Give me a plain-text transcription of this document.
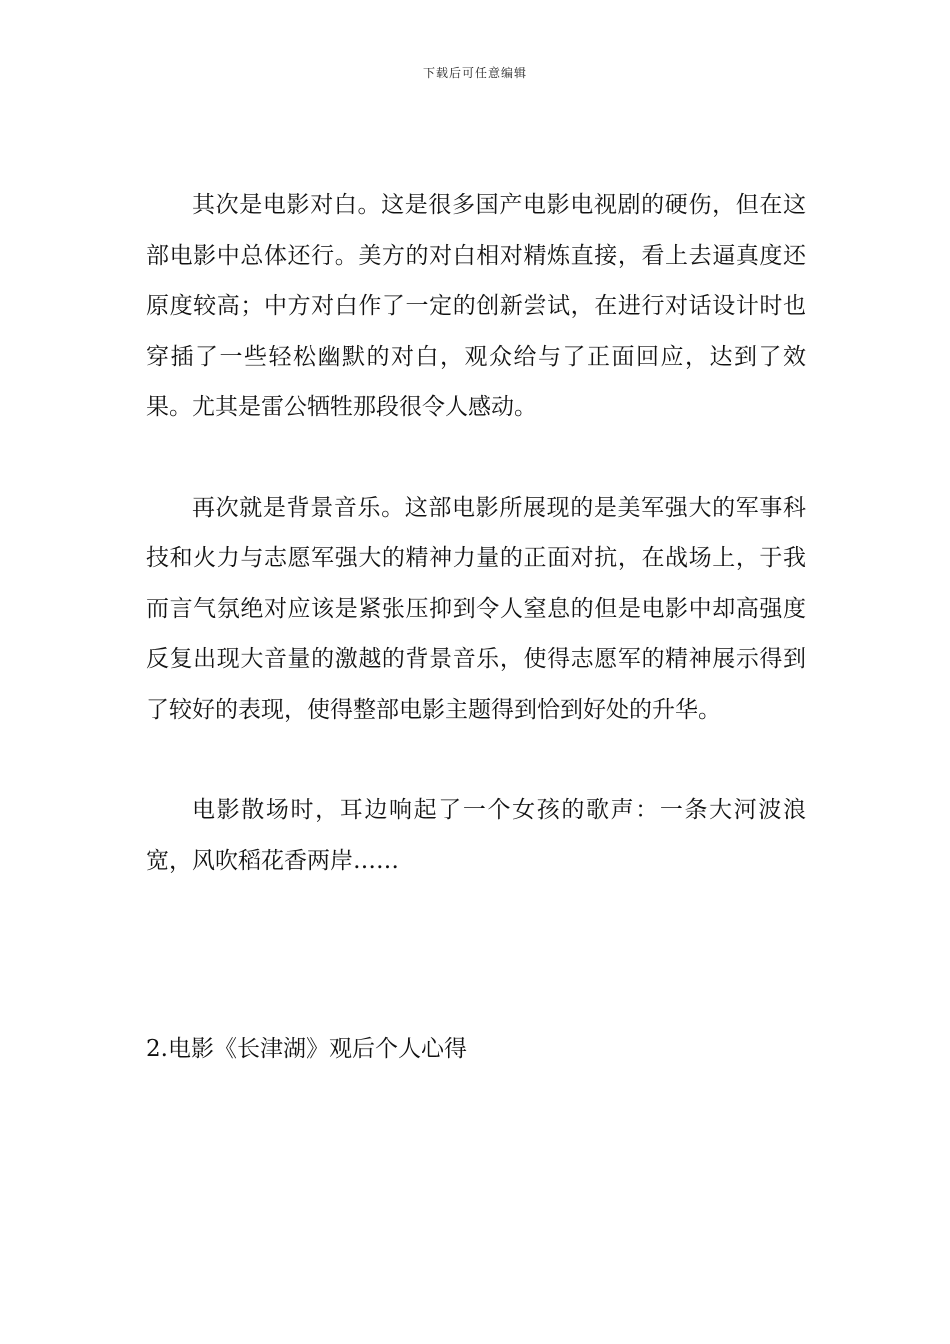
下载后可任意编辑

其次是电影对白。这是很多国产电影电视剧的硬伤，但在这部电影中总体还行。美方的对白相对精炼直接，看上去逼真度还原度较高；中方对白作了一定的创新尝试，在进行对话设计时也穿插了一些轻松幽默的对白，观众给与了正面回应，达到了效果。尤其是雷公牺牲那段很令人感动。

再次就是背景音乐。这部电影所展现的是美军强大的军事科技和火力与志愿军强大的精神力量的正面对抗，在战场上，于我而言气氛绝对应该是紧张压抑到令人窒息的但是电影中却高强度反复出现大音量的激越的背景音乐，使得志愿军的精神展示得到了较好的表现，使得整部电影主题得到恰到好处的升华。

电影散场时，耳边响起了一个女孩的歌声：一条大河波浪宽，风吹稻花香两岸……

2.电影《长津湖》观后个人心得
